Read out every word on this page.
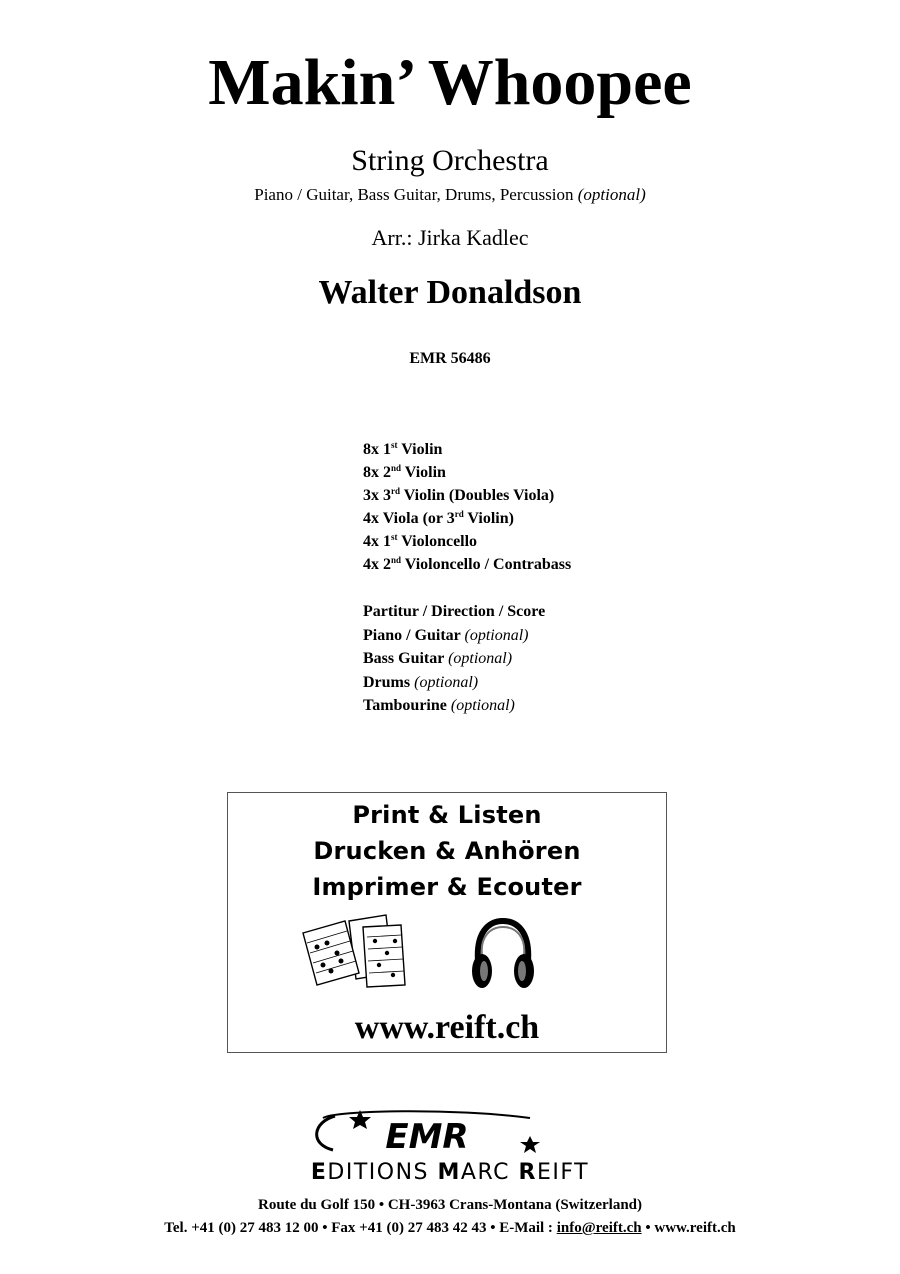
Makin’ Whoopee
String Orchestra
Piano / Guitar, Bass Guitar, Drums, Percussion (optional)
Arr.: Jirka Kadlec
Walter Donaldson
EMR 56486
8x 1st Violin
8x 2nd Violin
3x 3rd Violin (Doubles Viola)
4x Viola (or 3rd Violin)
4x 1st Violoncello
4x 2nd Violoncello / Contrabass
Partitur / Direction / Score
Piano / Guitar (optional)
Bass Guitar (optional)
Drums (optional)
Tambourine (optional)
Print & Listen
Drucken & Anhören
Imprimer & Ecouter
www.reift.ch
EMR
EDITIONS MARC REIFT
Route du Golf 150 • CH-3963 Crans-Montana (Switzerland)
Tel. +41 (0) 27 483 12 00 • Fax +41 (0) 27 483 42 43 • E-Mail : info@reift.ch • www.reift.ch
